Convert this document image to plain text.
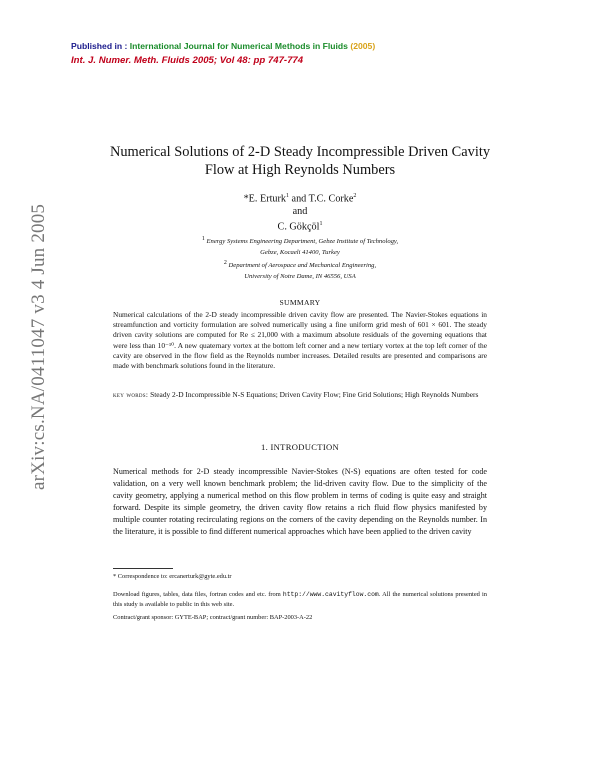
Published in : International Journal for Numerical Methods in Fluids (2005)
Int. J. Numer. Meth. Fluids 2005; Vol 48: pp 747-774
arXiv:cs.NA/0411047 v3 4 Jun 2005
Numerical Solutions of 2-D Steady Incompressible Driven Cavity
Flow at High Reynolds Numbers
*E. Erturk$^1$ and T.C. Corke$^2$
and
C. Gökçöl$^1$
$^1$ Energy Systems Engineering Department, Gebze Institute of Technology,
Gebze, Kocaeli 41400, Turkey
$^2$ Department of Aerospace and Mechanical Engineering,
University of Notre Dame, IN 46556, USA
SUMMARY
Numerical calculations of the 2-D steady incompressible driven cavity flow are presented. The Navier-Stokes equations in streamfunction and vorticity formulation are solved numerically using a fine uniform grid mesh of 601 × 601. The steady driven cavity solutions are computed for Re ≤ 21,000 with a maximum absolute residuals of the governing equations that were less than 10⁻¹⁰. A new quaternary vortex at the bottom left corner and a new tertiary vortex at the top left corner of the cavity are observed in the flow field as the Reynolds number increases. Detailed results are presented and comparisons are made with benchmark solutions found in the literature.
key words: Steady 2-D Incompressible N-S Equations; Driven Cavity Flow; Fine Grid Solutions; High Reynolds Numbers
1. INTRODUCTION
Numerical methods for 2-D steady incompressible Navier-Stokes (N-S) equations are often tested for code validation, on a very well known benchmark problem; the lid-driven cavity flow. Due to the simplicity of the cavity geometry, applying a numerical method on this flow problem in terms of coding is quite easy and straight forward. Despite its simple geometry, the driven cavity flow retains a rich fluid flow physics manifested by multiple counter rotating recirculating regions on the corners of the cavity depending on the Reynolds number. In the literature, it is possible to find different numerical approaches which have been applied to the driven cavity
* Correspondence to: ercanerturk@gyte.edu.tr
Download figures, tables, data files, fortran codes and etc. from http://www.cavityflow.com. All the numerical solutions presented in this study is available to public in this web site.
Contract/grant sponsor: GYTE-BAP; contract/grant number: BAP-2003-A-22
